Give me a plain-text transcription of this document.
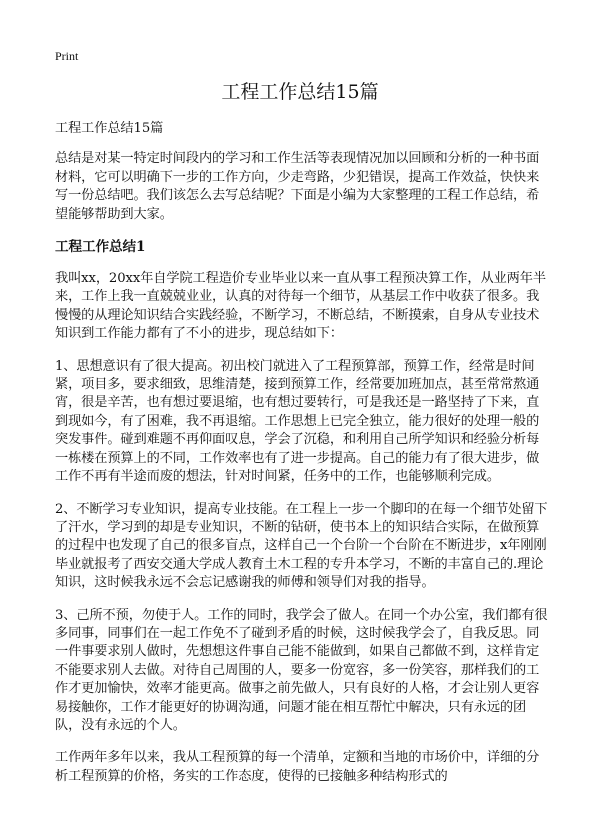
Print
工程工作总结15篇

工程工作总结15篇

总结是对某一特定时间段内的学习和工作生活等表现情况加以回顾和分析的一种书面材料，它可以明确下一步的工作方向，少走弯路，少犯错误，提高工作效益，快快来写一份总结吧。我们该怎么去写总结呢？下面是小编为大家整理的工程工作总结，希望能够帮助到大家。

工程工作总结1

我叫xx，20xx年自学院工程造价专业毕业以来一直从事工程预决算工作，从业两年半来，工作上我一直兢兢业业，认真的对待每一个细节，从基层工作中收获了很多。我慢慢的从理论知识结合实践经验，不断学习，不断总结，不断摸索，自身从专业技术知识到工作能力都有了不小的进步，现总结如下：

1、思想意识有了很大提高。初出校门就进入了工程预算部，预算工作，经常是时间紧，项目多，要求细致，思维清楚，接到预算工作，经常要加班加点，甚至常常熬通宵，很是辛苦，也有想过要退缩，也有想过要转行，可是我还是一路坚持了下来，直到现如今，有了困难，我不再退缩。工作思想上已完全独立，能力很好的处理一般的突发事件。碰到难题不再仰面叹息，学会了沉稳，和利用自己所学知识和经验分析每一栋楼在预算上的不同，工作效率也有了进一步提高。自己的能力有了很大进步，做工作不再有半途而废的想法，针对时间紧，任务中的工作，也能够顺利完成。

2、不断学习专业知识，提高专业技能。在工程上一步一个脚印的在每一个细节处留下了汗水，学习到的却是专业知识，不断的钻研，使书本上的知识结合实际，在做预算的过程中也发现了自己的很多盲点，这样自己一个台阶一个台阶在不断进步，x年刚刚毕业就报考了西安交通大学成人教育土木工程的专升本学习，不断的丰富自己的.理论知识，这时候我永远不会忘记感谢我的师傅和领导们对我的指导。

3、己所不预，勿使于人。工作的同时，我学会了做人。在同一个办公室，我们都有很多同事，同事们在一起工作免不了碰到矛盾的时候，这时候我学会了，自我反思。同一件事要求别人做时，先想想这件事自己能不能做到，如果自己都做不到，这样肯定不能要求别人去做。对待自己周围的人，要多一份宽容，多一份笑容，那样我们的工作才更加愉快，效率才能更高。做事之前先做人，只有良好的人格，才会让别人更容易接触你，工作才能更好的协调沟通，问题才能在相互帮忙中解决，只有永远的团队，没有永远的个人。

工作两年多年以来，我从工程预算的每一个清单，定额和当地的市场价中，详细的分析工程预算的价格，务实的工作态度，使得的已接触多种结构形式的
